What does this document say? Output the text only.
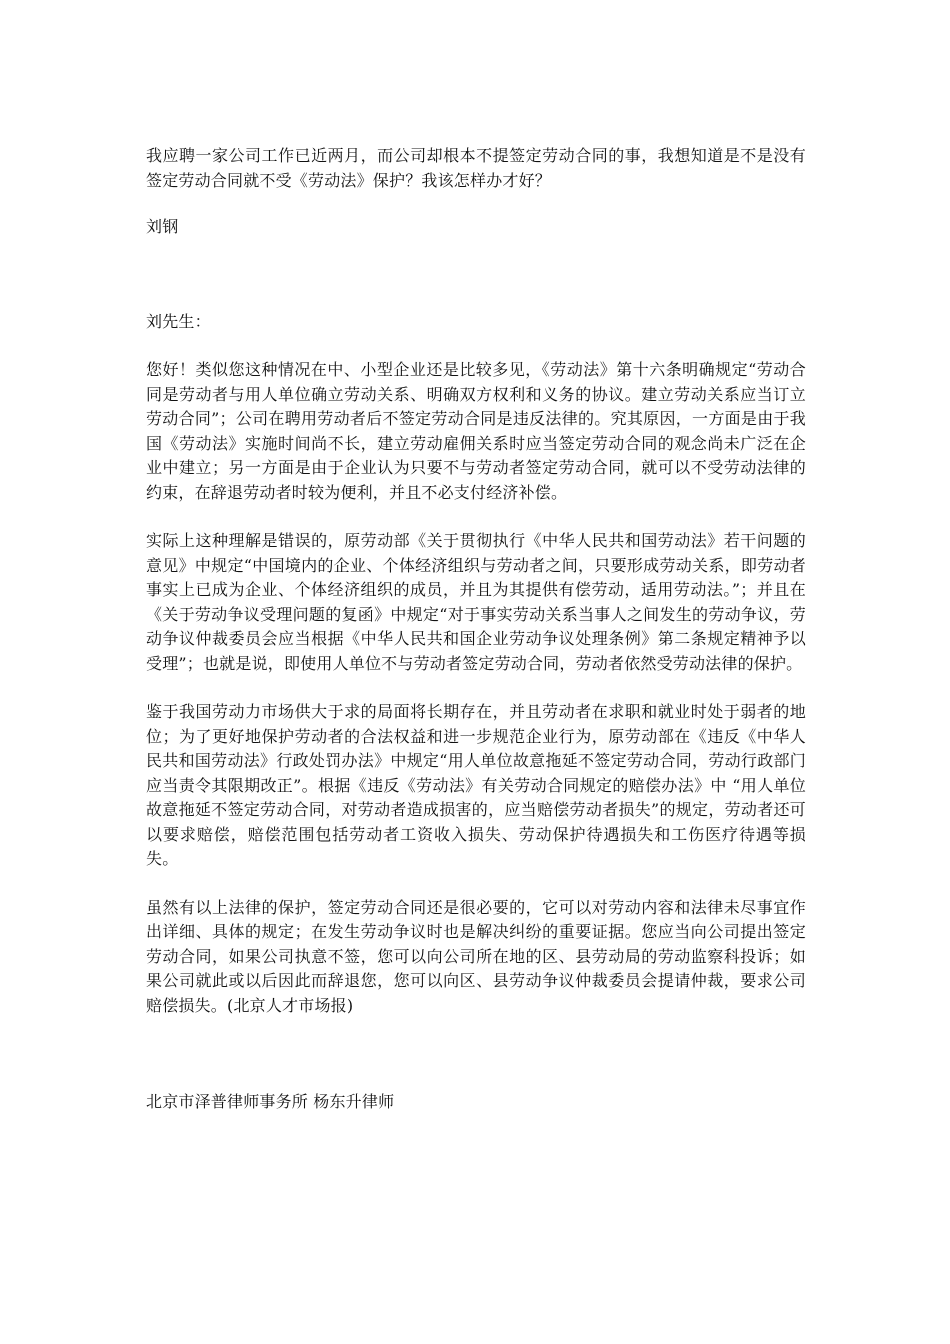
我应聘一家公司工作已近两月，而公司却根本不提签定劳动合同的事，我想知道是不是没有签定劳动合同就不受《劳动法》保护？我该怎样办才好？

刘钢

刘先生：

您好！类似您这种情况在中、小型企业还是比较多见，《劳动法》第十六条明确规定“劳动合同是劳动者与用人单位确立劳动关系、明确双方权利和义务的协议。建立劳动关系应当订立劳动合同”；公司在聘用劳动者后不签定劳动合同是违反法律的。究其原因，一方面是由于我国《劳动法》实施时间尚不长，建立劳动雇佣关系时应当签定劳动合同的观念尚未广泛在企业中建立；另一方面是由于企业认为只要不与劳动者签定劳动合同，就可以不受劳动法律的约束，在辞退劳动者时较为便利，并且不必支付经济补偿。

实际上这种理解是错误的，原劳动部《关于贯彻执行《中华人民共和国劳动法》若干问题的意见》中规定“中国境内的企业、个体经济组织与劳动者之间，只要形成劳动关系，即劳动者事实上已成为企业、个体经济组织的成员，并且为其提供有偿劳动，适用劳动法。”；并且在《关于劳动争议受理问题的复函》中规定“对于事实劳动关系当事人之间发生的劳动争议，劳动争议仲裁委员会应当根据《中华人民共和国企业劳动争议处理条例》第二条规定精神予以受理”；也就是说，即使用人单位不与劳动者签定劳动合同，劳动者依然受劳动法律的保护。

鉴于我国劳动力市场供大于求的局面将长期存在，并且劳动者在求职和就业时处于弱者的地位；为了更好地保护劳动者的合法权益和进一步规范企业行为，原劳动部在《违反《中华人民共和国劳动法》行政处罚办法》中规定“用人单位故意拖延不签定劳动合同，劳动行政部门应当责令其限期改正”。根据《违反《劳动法》有关劳动合同规定的赔偿办法》中 “用人单位故意拖延不签定劳动合同，对劳动者造成损害的，应当赔偿劳动者损失”的规定，劳动者还可以要求赔偿，赔偿范围包括劳动者工资收入损失、劳动保护待遇损失和工伤医疗待遇等损失。

虽然有以上法律的保护，签定劳动合同还是很必要的，它可以对劳动内容和法律未尽事宜作出详细、具体的规定；在发生劳动争议时也是解决纠纷的重要证据。您应当向公司提出签定劳动合同，如果公司执意不签，您可以向公司所在地的区、县劳动局的劳动监察科投诉；如果公司就此或以后因此而辞退您，您可以向区、县劳动争议仲裁委员会提请仲裁，要求公司赔偿损失。(北京人才市场报)

北京市泽普律师事务所 杨东升律师
